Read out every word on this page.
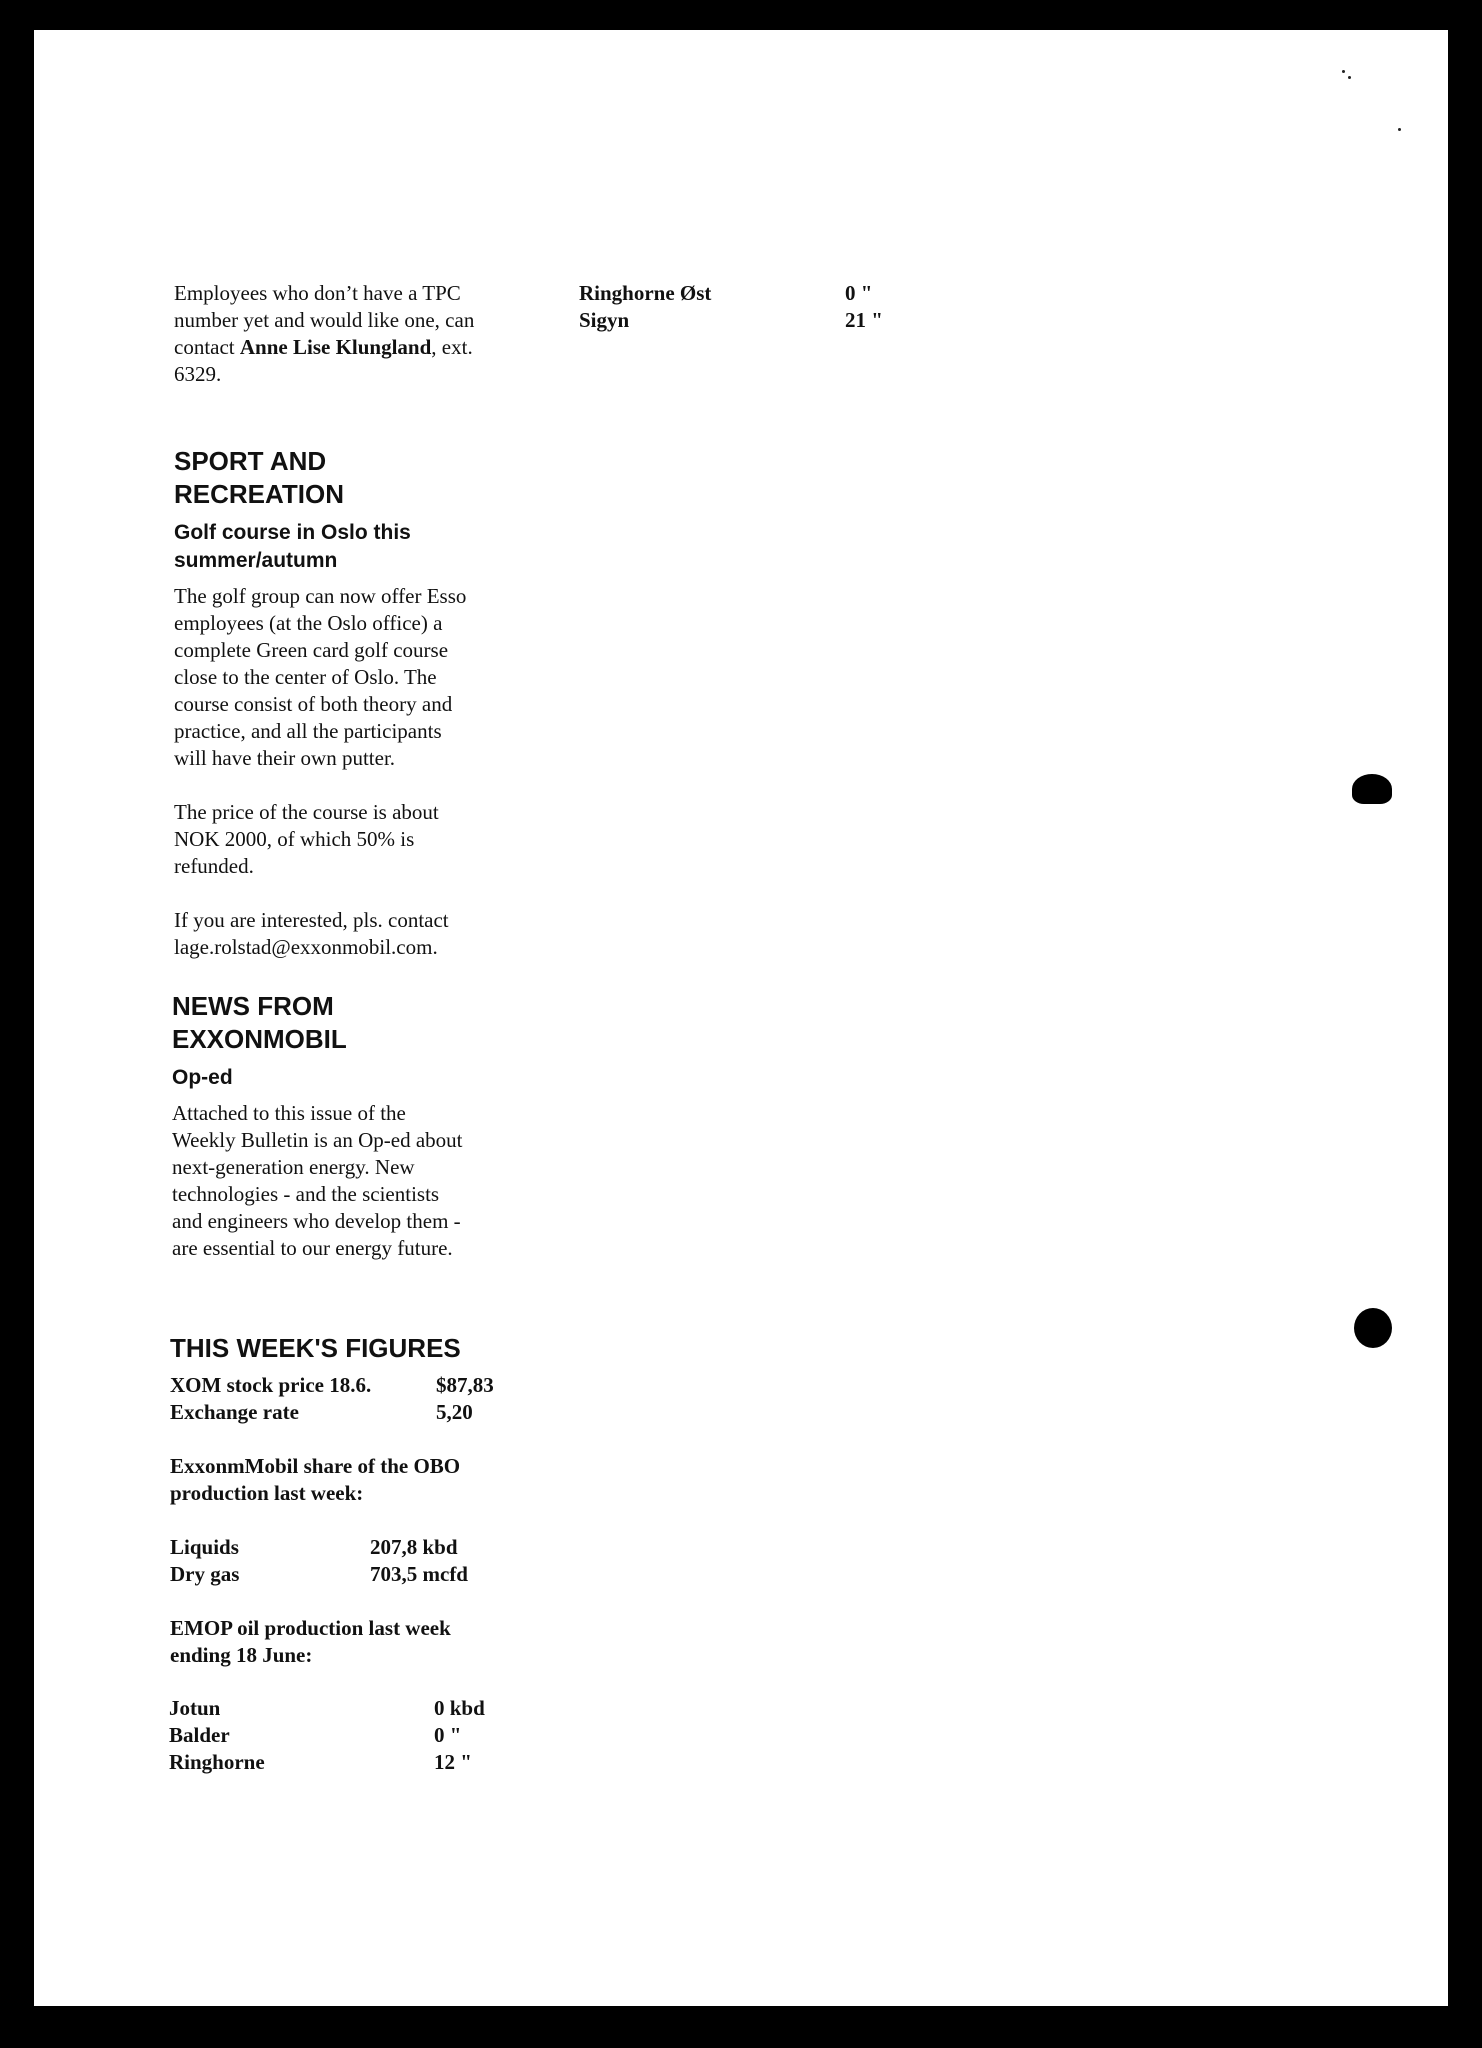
Employees who don’t have a TPC

number yet and would like one, can

contact Anne Lise Klungland, ext.

6329.

SPORT AND
RECREATION
Golf course in Oslo this
summer/autumn

The golf group can now offer Esso

employees (at the Oslo office) a

complete Green card golf course

close to the center of Oslo. The

course consist of both theory and

practice, and all the participants

will have their own putter.

The price of the course is about

NOK 2000, of which 50% is

refunded.

If you are interested, pls. contact

lage.rolstad@exxonmobil.com.

NEWS FROM
EXXONMOBIL
Op-ed

Attached to this issue of the

Weekly Bulletin is an Op-ed about

next-generation energy. New

technologies - and the scientists

and engineers who develop them -

are essential to our energy future.

THIS WEEK'S FIGURES
XOM stock price 18.6.	$87,83
Exchange rate	5,20
ExxonmMobil share of the OBO
production last week:
Liquids	207,8 kbd
Dry gas	703,5 mcfd
EMOP oil production last week
ending 18 June:
Jotun	0 kbd
Balder	0 "
Ringhorne	12 "
Ringhorne Øst	0 "
Sigyn	21 "
